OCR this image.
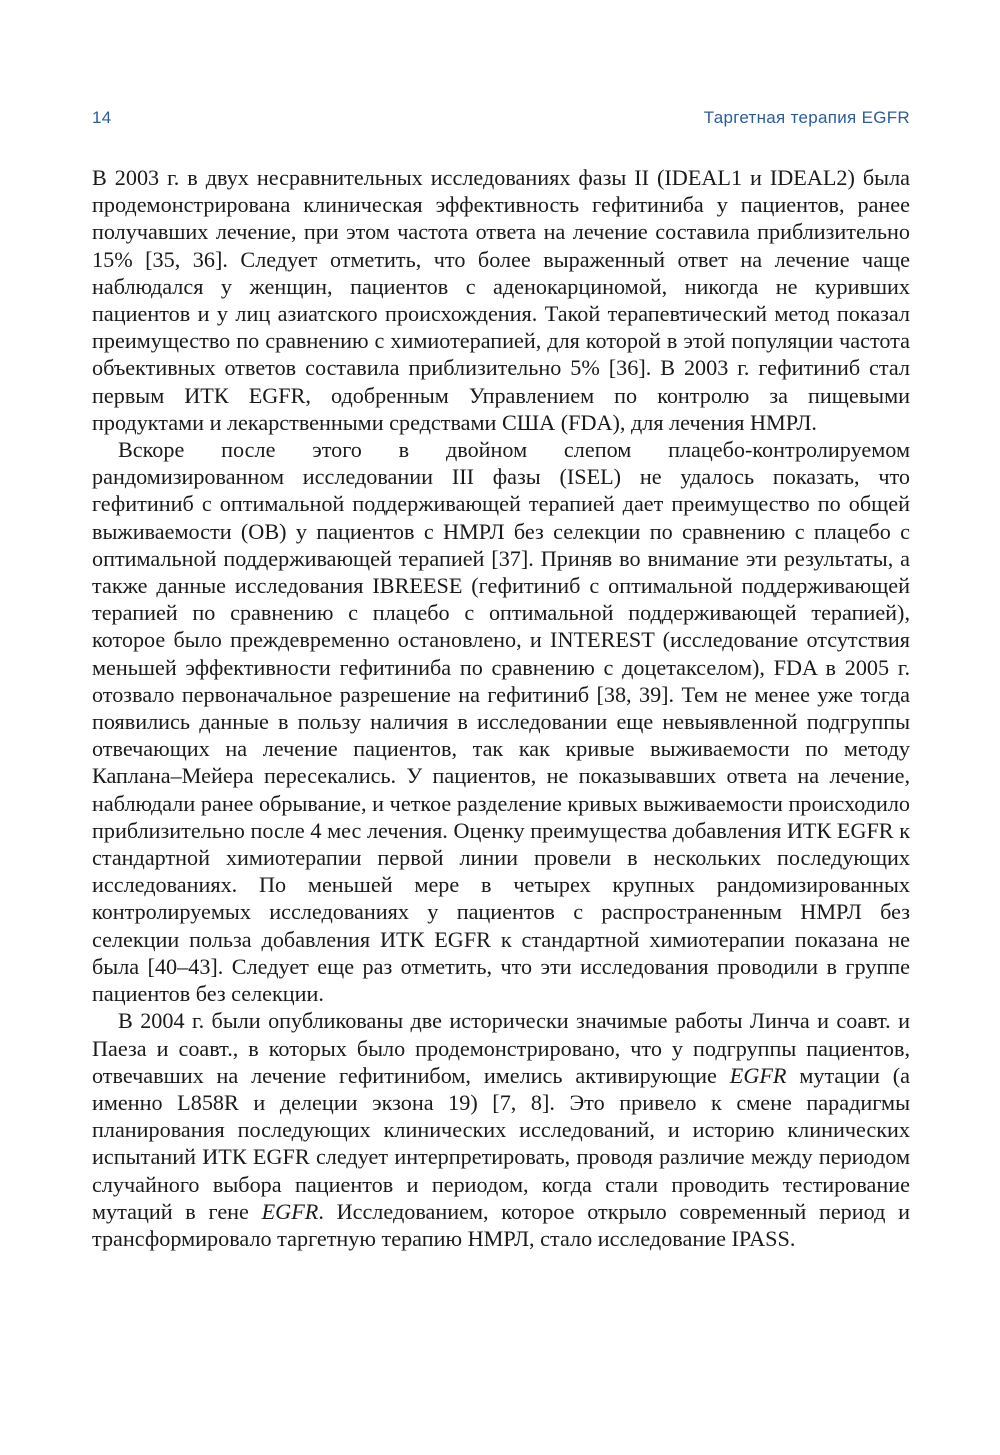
14	Таргетная терапия EGFR

В 2003 г. в двух несравнительных исследованиях фазы II (IDEAL1 и IDEAL2) была продемонстрирована клиническая эффективность гефитиниба у пациентов, ранее получавших лечение, при этом частота ответа на лечение составила приблизительно 15% [35, 36]. Следует отметить, что более выраженный ответ на лечение чаще наблюдался у женщин, пациентов с аденокарциномой, никогда не куривших пациентов и у лиц азиатского происхождения. Такой терапевтический метод показал преимущество по сравнению с химиотерапией, для которой в этой популяции частота объективных ответов составила приблизительно 5% [36]. В 2003 г. гефитиниб стал первым ИТК EGFR, одобренным Управлением по контролю за пищевыми продуктами и лекарственными средствами США (FDA), для лечения НМРЛ.

Вскоре после этого в двойном слепом плацебо-контролируемом рандомизированном исследовании III фазы (ISEL) не удалось показать, что гефитиниб с оптимальной поддерживающей терапией дает преимущество по общей выживаемости (ОВ) у пациентов с НМРЛ без селекции по сравнению с плацебо с оптимальной поддерживающей терапией [37]. Приняв во внимание эти результаты, а также данные исследования IBREESE (гефитиниб с оптимальной поддерживающей терапией по сравнению с плацебо с оптимальной поддерживающей терапией), которое было преждевременно остановлено, и INTEREST (исследование отсутствия меньшей эффективности гефитиниба по сравнению с доцетакселом), FDA в 2005 г. отозвало первоначальное разрешение на гефитиниб [38, 39]. Тем не менее уже тогда появились данные в пользу наличия в исследовании еще невыявленной подгруппы отвечающих на лечение пациентов, так как кривые выживаемости по методу Каплана–Мейера пересекались. У пациентов, не показывавших ответа на лечение, наблюдали ранее обрывание, и четкое разделение кривых выживаемости происходило приблизительно после 4 мес лечения. Оценку преимущества добавления ИТК EGFR к стандартной химиотерапии первой линии провели в нескольких последующих исследованиях. По меньшей мере в четырех крупных рандомизированных контролируемых исследованиях у пациентов с распространенным НМРЛ без селекции польза добавления ИТК EGFR к стандартной химиотерапии показана не была [40–43]. Следует еще раз отметить, что эти исследования проводили в группе пациентов без селекции.

В 2004 г. были опубликованы две исторически значимые работы Линча и соавт. и Паеза и соавт., в которых было продемонстрировано, что у подгруппы пациентов, отвечавших на лечение гефитинибом, имелись активирующие EGFR мутации (а именно L858R и делеции экзона 19) [7, 8]. Это привело к смене парадигмы планирования последующих клинических исследований, и историю клинических испытаний ИТК EGFR следует интерпретировать, проводя различие между периодом случайного выбора пациентов и периодом, когда стали проводить тестирование мутаций в гене EGFR. Исследованием, которое открыло современный период и трансформировало таргетную терапию НМРЛ, стало исследование IPASS.
